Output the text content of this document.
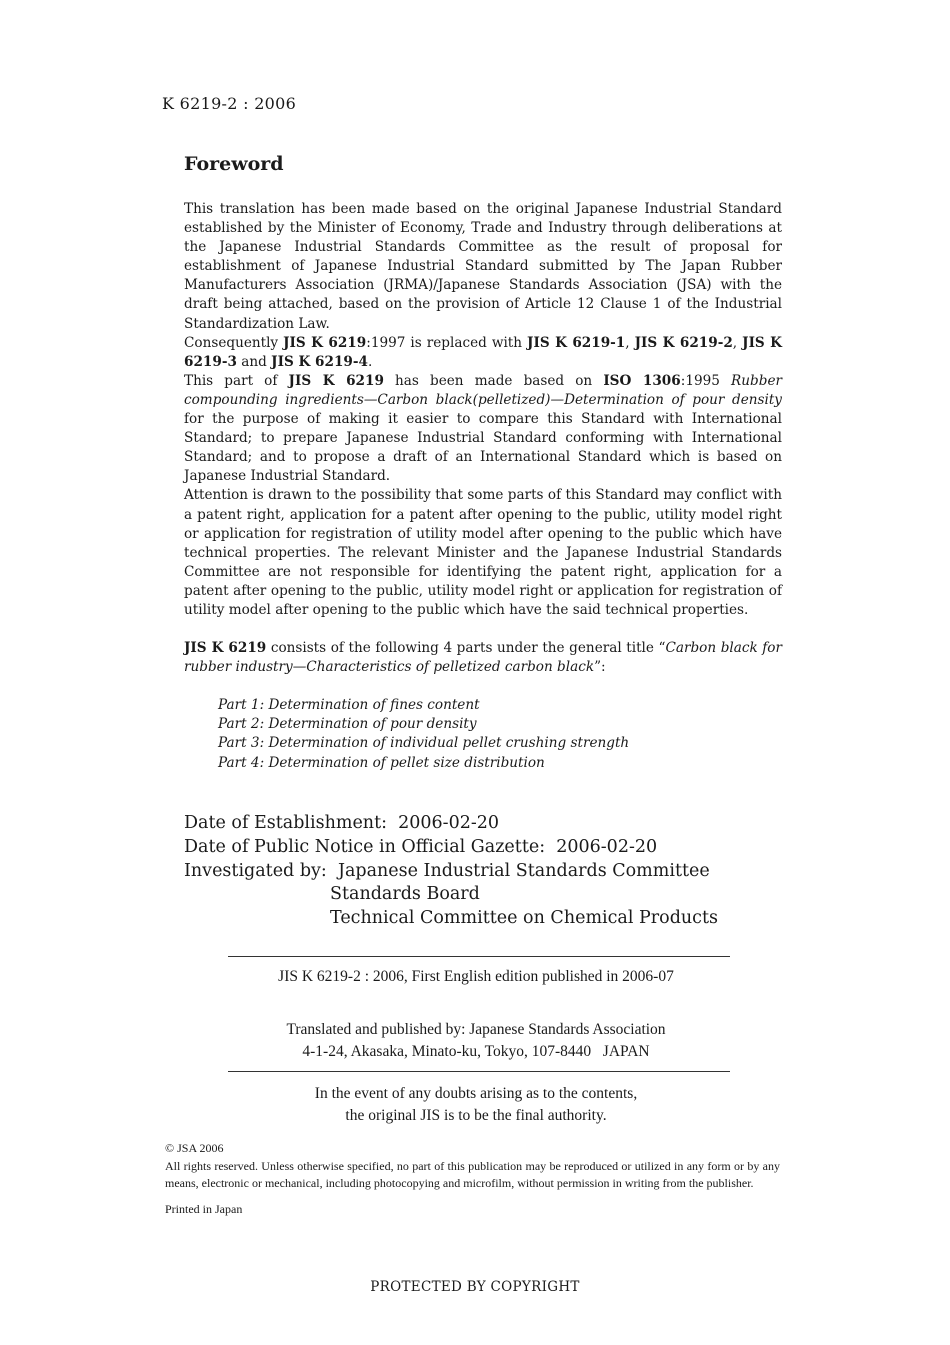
K 6219-2 : 2006
Foreword

This translation has been made based on the original Japanese Industrial Standard established by the Minister of Economy, Trade and Industry through deliberations at the Japanese Industrial Standards Committee as the result of proposal for establishment of Japanese Industrial Standard submitted by The Japan Rubber Manufacturers Association (JRMA)/Japanese Standards Association (JSA) with the draft being attached, based on the provision of Article 12 Clause 1 of the Industrial Standardization Law.

Consequently JIS K 6219:1997 is replaced with JIS K 6219-1, JIS K 6219-2, JIS K 6219-3 and JIS K 6219-4.

This part of JIS K 6219 has been made based on ISO 1306:1995 Rubber compounding ingredients—Carbon black(pelletized)—Determination of pour density for the purpose of making it easier to compare this Standard with International Standard; to prepare Japanese Industrial Standard conforming with International Standard; and to propose a draft of an International Standard which is based on Japanese Industrial Standard.

Attention is drawn to the possibility that some parts of this Standard may conflict with a patent right, application for a patent after opening to the public, utility model right or application for registration of utility model after opening to the public which have technical properties. The relevant Minister and the Japanese Industrial Standards Committee are not responsible for identifying the patent right, application for a patent after opening to the public, utility model right or application for registration of utility model after opening to the public which have the said technical properties.

JIS K 6219 consists of the following 4 parts under the general title “Carbon black for rubber industry—Characteristics of pelletized carbon black”:

Part 1: Determination of fines content

Part 2: Determination of pour density

Part 3: Determination of individual pellet crushing strength

Part 4: Determination of pellet size distribution

Date of Establishment: 2006-02-20
Date of Public Notice in Official Gazette: 2006-02-20
Investigated by: Japanese Industrial Standards Committee
Standards Board
Technical Committee on Chemical Products
JIS K 6219-2 : 2006, First English edition published in 2006-07
Translated and published by: Japanese Standards Association
4-1-24, Akasaka, Minato-ku, Tokyo, 107-8440   JAPAN
In the event of any doubts arising as to the contents,
the original JIS is to be the final authority.

© JSA 2006

All rights reserved. Unless otherwise specified, no part of this publication may be reproduced or utilized in any form or by any means, electronic or mechanical, including photocopying and microfilm, without permission in writing from the publisher.

Printed in Japan

PROTECTED BY COPYRIGHT
